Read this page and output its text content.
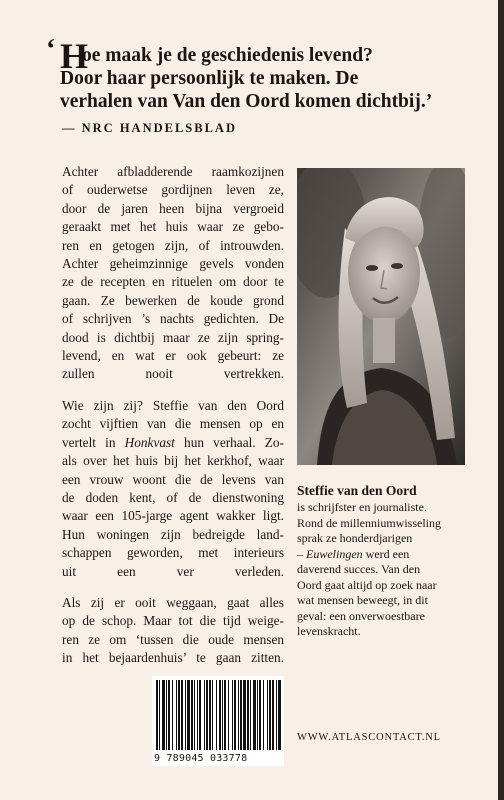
‘ H
oe maak je de geschiedenis levend?
Door haar persoonlijk te maken. De
verhalen van Van den Oord komen dichtbij.’
— NRC HANDELSBLAD

Achter afbladderende raamkozijnen
of ouderwetse gordijnen leven ze,
door de jaren heen bijna vergroeid
geraakt met het huis waar ze gebo-
ren en getogen zijn, of introuwden.
Achter geheimzinnige gevels vonden
ze de recepten en rituelen om door te
gaan. Ze bewerken de koude grond
of schrijven ’s nachts gedichten. De
dood is dichtbij maar ze zijn spring-
levend, en wat er ook gebeurt: ze
zullen nooit vertrekken.

Wie zijn zij? Steffie van den Oord
zocht vijftien van die mensen op en
vertelt in Honkvast hun verhaal. Zo-
als over het huis bij het kerkhof, waar
een vrouw woont die de levens van
de doden kent, of de dienstwoning
waar een 105-jarge agent wakker ligt.
Hun woningen zijn bedreigde land-
schappen geworden, met interieurs
uit een ver verleden.

Als zij er ooit weggaan, gaat alles
op de schop. Maar tot die tijd weige-
ren ze om ‘tussen die oude mensen
in het bejaardenhuis’ te gaan zitten.

Steffie van den Oord
is schrijfster en journaliste.
Rond de millenniumwisseling
sprak ze honderdjarigen
– Euwelingen werd een
daverend succes. Van den
Oord gaat altijd op zoek naar
wat mensen beweegt, in dit
geval: een onverwoestbare
levenskracht.
9 789045 033778
WWW.ATLASCONTACT.NL
